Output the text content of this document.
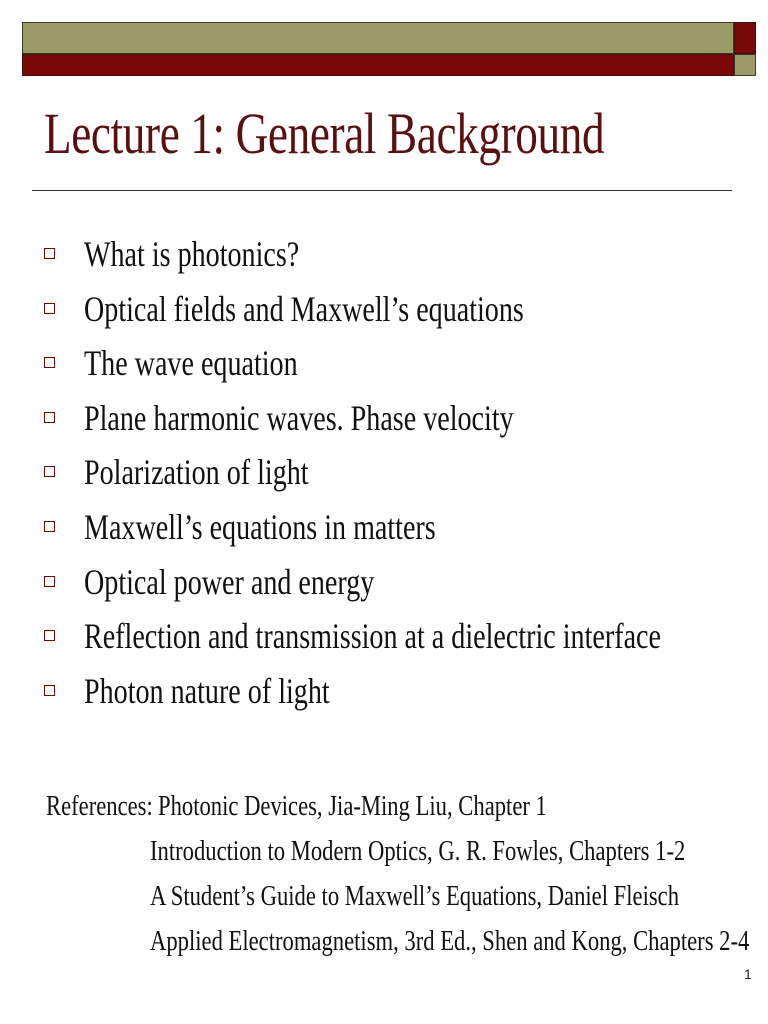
Lecture 1: General Background
What is photonics?
Optical fields and Maxwell’s equations
The wave equation
Plane harmonic waves. Phase velocity
Polarization of light
Maxwell’s equations in matters
Optical power and energy
Reflection and transmission at a dielectric interface
Photon nature of light
References: Photonic Devices, Jia-Ming Liu, Chapter 1
Introduction to Modern Optics, G. R. Fowles, Chapters 1-2
A Student’s Guide to Maxwell’s Equations, Daniel Fleisch
Applied Electromagnetism, 3rd Ed., Shen and Kong, Chapters 2-4
1
